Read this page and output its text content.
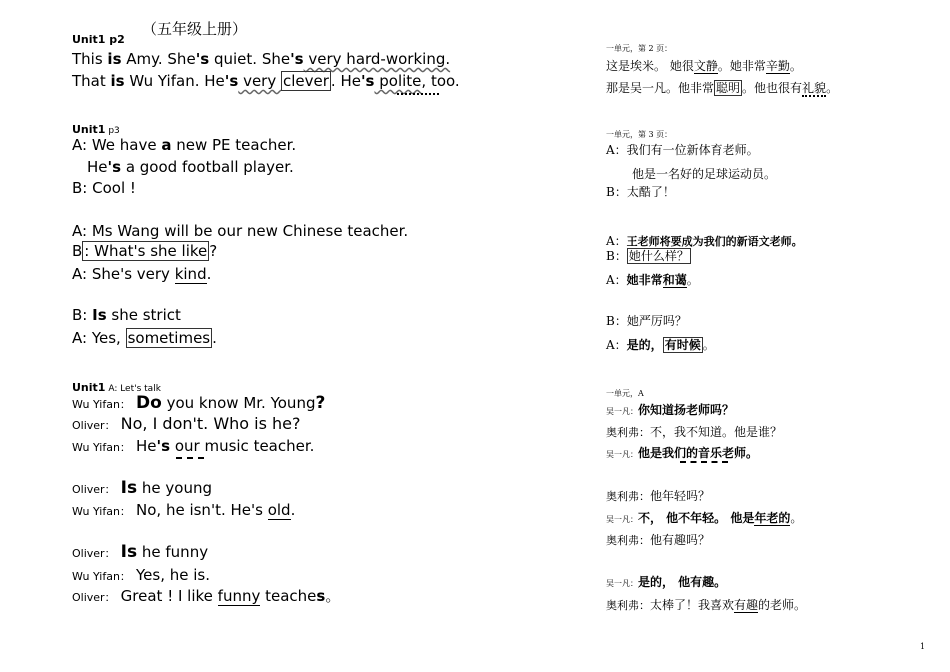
（五年级上册）
Unit1 p2
This is Amy. She's quiet. She's very hard-working.
That is Wu Yifan. He's very clever . He's polite, too.
Unit1 p3
A: We have a new PE teacher.
He's a good football player.
B: Cool !
A: Ms Wang will be our new Chinese teacher.
B : What's she like ?
A: She's very kind.
B: Is she strict
A: Yes, sometimes .
Unit1 A: Let's talk
Wu Yifan： Do you know Mr. Young?
Oliver： No, I don't. Who is he?
Wu Yifan： He's our music teacher.
Oliver： Is he young
Wu Yifan： No, he isn't. He's old.
Oliver： Is he funny
Wu Yifan： Yes, he is.
Oliver： Great ! I like funny teaches。
一单元，第 2 页：
这是埃米。 她很文静。她非常辛勤。
那是吴一凡。他非常 聪明 。他也很有礼貌。
一单元，第 3 页：
A：我们有一位新体育老师。
他是一名好的足球运动员。
B：太酷了！
A：王老师将要成为我们的新语文老师。
B： 她什么样？
A：她非常和蔼。
B：她严厉吗？
A：是的， 有时候 。
一单元，A
吴一凡：你知道扬老师吗？
奥利弗：不，我不知道。他是谁？
吴一凡：他是我们的音乐老师。
奥利弗：他年轻吗？
吴一凡：不， 他不年轻。 他是年老的。
奥利弗：他有趣吗？
吴一凡：是的， 他有趣。
奥利弗：太棒了！我喜欢有趣的老师。
1
